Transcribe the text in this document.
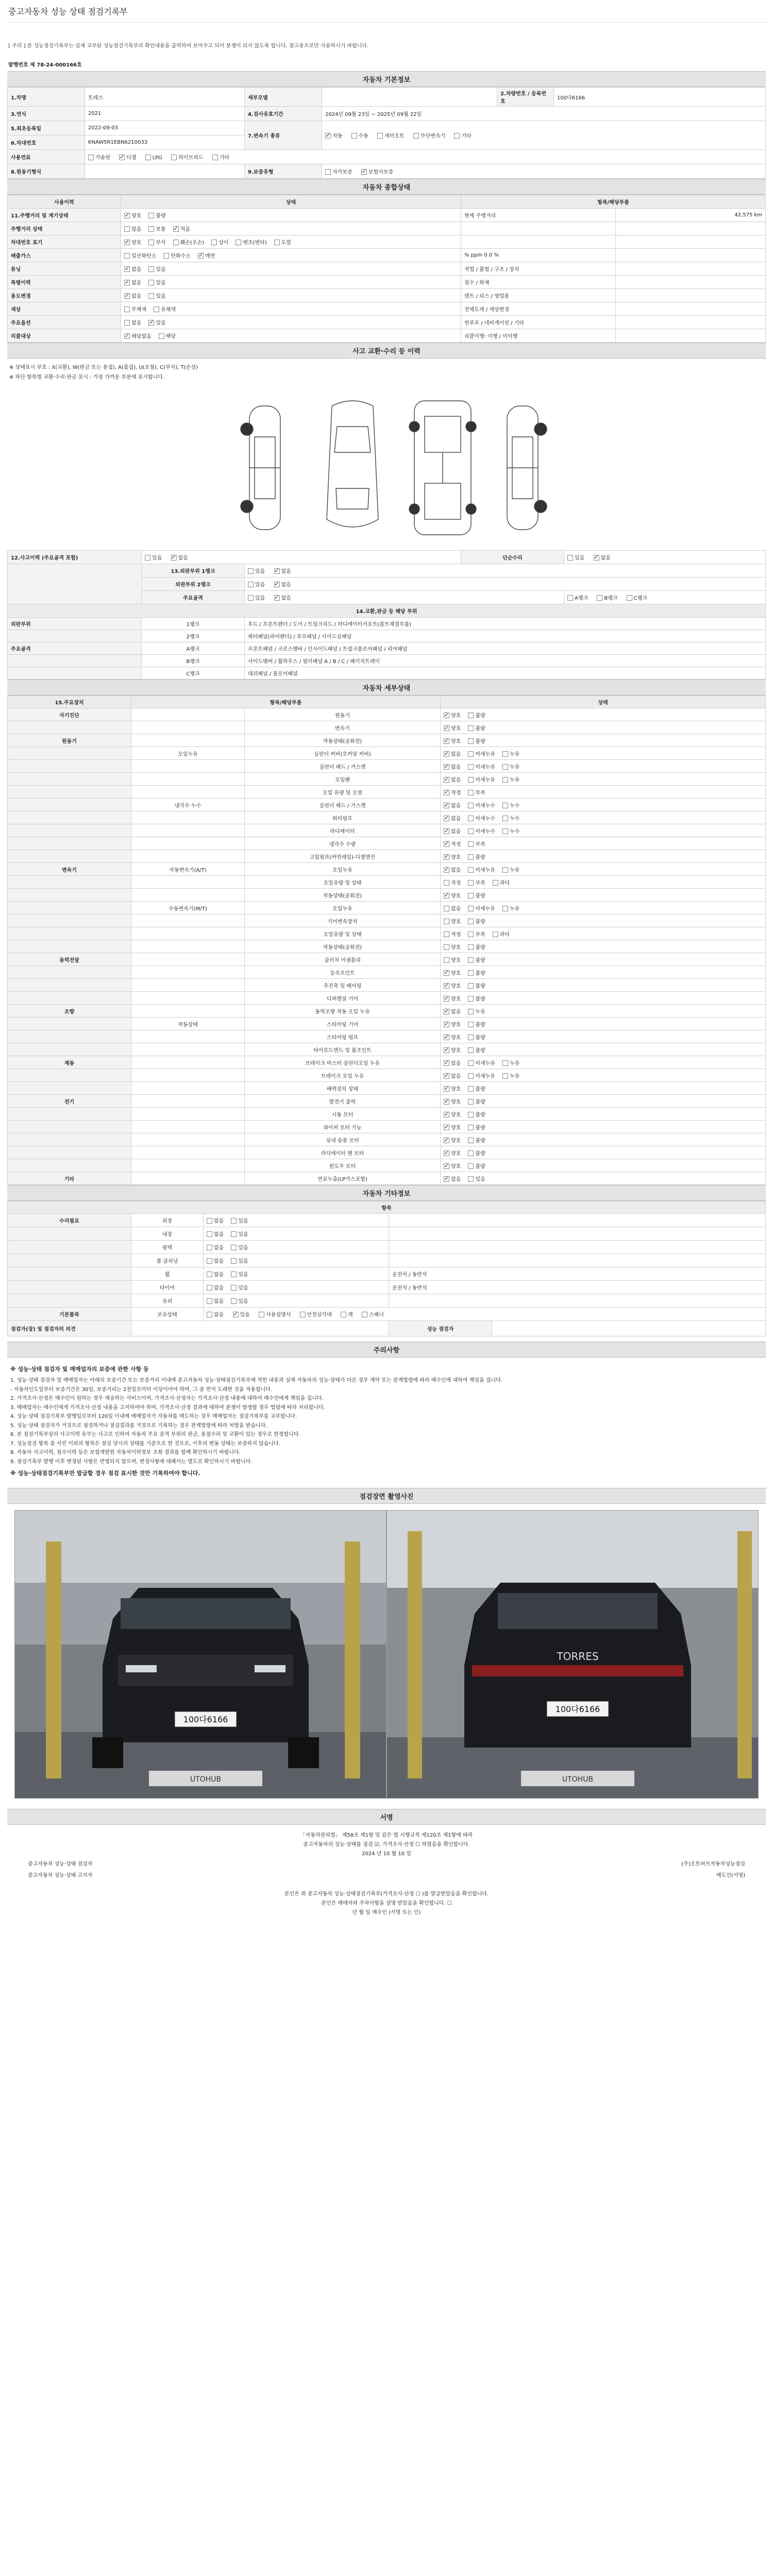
중고자동차 성능 상태 점검기록부
[ 주의 ] 본 성능점검기록부는 실제 교부된 성능점검기록부의 확인내용을 출력하여 보여주고 되어 분쟁이 되지 않도록 합니다. 참고용으로만 사용하시기 바랍니다.
발행번호 제 78-24-000166호
자동차 기본정보
1.차명	토레스	세부모델		2.차량번호 / 등록번호	100다6166
3.연식	2021	4.검사유효기간	2024년 09월 23일 ~ 2025년 09월 22일		
5.최초등록일	2022-09-03	7.변속기 종류	✓자동 수동 세미오토 무단변속기 기타
6.차대번호	KNAW5R1EBN6210033				
사용연료	가솔린 ✓ 디젤 LPG 하이브리드 기타
8.원동기형식		9.보증유형	자가보증 ✓ 보험사보증
자동차 종합상태
사용이력	상태	항목/해당부품	
11.주행거리 및 계기상태	✓양호 불량	현재 주행거리	42,575 km
주행거리 상태	많음 보통 ✓ 적음		
차대번호 표기	✓양호 부식 훼손(오손) 상이 변조(변타) 도말		
배출가스	일산화탄소 탄화수소 ✓ 매연	% ppm 0.0 %	
튜닝	✓없음 있음	적법 / 불법 / 구조 / 장치	
특별이력	✓없음 있음	침수 / 화재	
용도변경	✓없음 있음	렌트 / 리스 / 영업용	
색상	무채색 유채색	전체도색 / 색상변경	
주요옵션	없음 ✓ 있음	썬루프 / 네비게이션 / 기타	
리콜대상	✓해당없음 해당	리콜이행: 이행 / 미이행	
사고 교환·수리 등 이력
※ 상태표시 부호 : X(교환), W(판금 또는 용접), A(흠집), U(요철), C(부식), T(손상)
※ 하단 항목별 교환·수리·판금 표시 : 가장 가까운 부분에 표시합니다.
12.사고이력 (주요골격 포함)	있음 ✓ 없음		단순수리	있음 ✓ 없음
	13.외판부위 1랭크	있음 ✓ 없음
	외판부위 2랭크	있음 ✓ 없음
	주요골격	있음 ✓ 없음		A랭크 B랭크 C랭크
14.교환,판금 등 해당 부위				
외판부위	1랭크	후드 / 프론트펜더 / 도어 / 트렁크리드 / 라디에이터서포트(볼트체결부품)		
	2랭크	쿼터패널(리어펜더) / 루프패널 / 사이드실패널		
주요골격	A랭크	프론트패널 / 크로스멤버 / 인사이드패널 / 트렁크플로어패널 / 리어패널		
	B랭크	사이드멤버 / 휠하우스 / 필러패널 A / B / C / 패키지트레이		
	C랭크	대쉬패널 / 플로어패널		
자동차 세부상태
15.주요장치	항목/해당부품		상태
자기진단		원동기	✓양호 불량
		변속기	✓양호 불량
원동기		작동상태(공회전)	✓양호 불량
	오일누유	실린더 커버(로커암 커버)	✓없음 미세누유 누유
		실린더 헤드 / 가스켓	✓없음 미세누유 누유
		오일팬	✓없음 미세누유 누유
		오일 유량 및 오염	✓적정 부족
	냉각수 누수	실린더 헤드 / 가스켓	✓없음 미세누수 누수
		워터펌프	✓없음 미세누수 누수
		라디에이터	✓없음 미세누수 누수
		냉각수 수량	✓적정 부족
		고압펌프(커먼레일)-디젤엔진	✓양호 불량
변속기	자동변속기(A/T)	오일누유	✓없음 미세누유 누유
		오일유량 및 상태	적정 부족 과다
		작동상태(공회전)	✓양호 불량
	수동변속기(M/T)	오일누유	없음 미세누유 누유
		기어변속장치	양호 불량
		오일유량 및 상태	적정 부족 과다
		작동상태(공회전)	양호 불량
동력전달		클러치 어셈블리	양호 불량
		등속조인트	✓양호 불량
		추진축 및 베어링	✓양호 불량
		디퍼렌셜 기어	✓양호 불량
조향		동력조향 작동 오일 누유	✓없음 누유
	작동상태	스티어링 기어	✓양호 불량
		스티어링 펌프	✓양호 불량
		타이로드엔드 및 볼조인트	✓양호 불량
제동		브레이크 마스터 실린더오일 누유	✓없음 미세누유 누유
		브레이크 오일 누유	✓없음 미세누유 누유
		배력장치 상태	✓양호 불량
전기		발전기 출력	✓양호 불량
		시동 모터	✓양호 불량
		와이퍼 모터 기능	✓양호 불량
		실내 송풍 모터	✓양호 불량
		라디에이터 팬 모터	✓양호 불량
		윈도우 모터	✓양호 불량
기타		연료누출(LP가스포함)	✓없음 있음
자동차 기타정보
항목				
수리필요	외장	없음 있음		
	내장	없음 있음		
	광택	없음 있음		
	룸 클리닝	없음 있음		
	휠	없음 있음	운전석 / 동반석	
	타이어	없음 있음	운전석 / 동반석	
	유리	없음 있음		
기본품목	보유상태	없음 ✓ 있음 사용설명서 안전삼각대 잭 스패너
점검자(장) 및 점검자의 의견			성능 점검자	
주의사항

※ 성능·상태 점검자 및 매매업자의 보증에 관한 사항 등

1. 성능·상태 점검자 및 매매업자는 아래의 보증기간 또는 보증거리 이내에 중고자동차 성능·상태점검기록부에 적힌 내용과 실제 자동차의 성능·상태가 다른 경우 계약 또는 관계법령에 따라 매수인에 대하여 책임을 집니다.

- 자동차인도일부터 보증기간은 30일, 보증거리는 2천킬로미터 이상이어야 하며, 그 중 먼저 도래한 것을 적용합니다.

2. 가격조사·산정은 매수인이 원하는 경우 제공하는 서비스이며, 가격조사·산정자는 가격조사·산정 내용에 대하여 매수인에게 책임을 집니다.

3. 매매업자는 매수인에게 가격조사·산정 내용을 고지하여야 하며, 가격조사·산정 결과에 대하여 분쟁이 발생할 경우 법령에 따라 처리합니다.

4. 성능·상태 점검기록부 발행일로부터 120일 이내에 매매업자가 자동차를 매도하는 경우 매매업자는 점검기록부를 교부합니다.

5. 성능·상태 점검자가 거짓으로 점검하거나 점검결과를 거짓으로 기록하는 경우 관계법령에 따라 처벌을 받습니다.

6. 본 점검기록부상의 사고이력 유무는 사고로 인하여 자동차 주요 골격 부위의 판금, 용접수리 및 교환이 있는 경우로 한정합니다.

7. 성능점검 항목 중 사진 이외의 항목은 점검 당시의 상태를 기준으로 한 것으로, 이후의 변동 상태는 보증하지 않습니다.

8. 자동차 사고이력, 침수이력 등은 보험개발원 자동차이력정보 조회 결과를 함께 확인하시기 바랍니다.

9. 점검기록부 발행 이후 변경된 사항은 반영되지 않으며, 변경사항에 대해서는 별도로 확인하시기 바랍니다.

※ 성능·상태점검기록부만 발급할 경우 점검 표시한 것만 기록하여야 합니다.

점검장면 촬영사진
100다6166
UTOHUB
TORRES
100다6166
UTOHUB
서명
「자동차관리법」 제58조 제1항 및 같은 법 시행규칙 제120조 제1항에 따라
중고자동차의 성능·상태를 점검 ☑, 가격조사·산정 ☐ 하였음을 확인합니다.
2024 년 10 월 10 일
중고자동차 성능·상태 점검자	(주)오토허브자동차성능점검
중고자동차 성능·상태 고지자	매도인(서명)
본인은 위 중고자동차 성능·상태점검기록부(가격조사·산정 ☐ )를 발급받았음을 확인합니다.
본인은 매매자와 주차사항을 설명 받았음을 확인합니다. ☐
년 월 일 매수인 (서명 또는 인)
